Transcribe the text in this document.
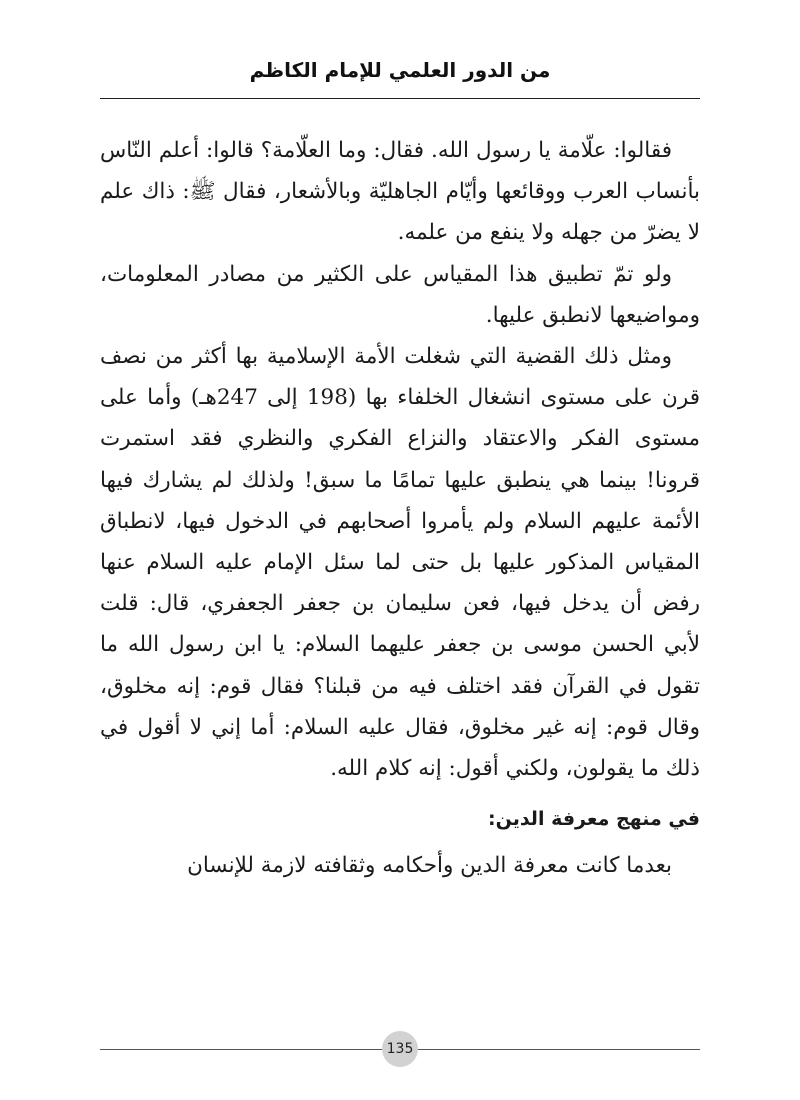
من الدور العلمي للإمام الكاظم

فقالوا: علّامة يا رسول الله. فقال: وما العلّامة؟ قالوا: أعلم النّاس بأنساب العرب ووقائعها وأيّام الجاهليّة وبالأشعار، فقال ﷺ: ذاك علم لا يضرّ من جهله ولا ينفع من علمه.

ولو تمّ تطبيق هذا المقياس على الكثير من مصادر المعلومات، ومواضيعها لانطبق عليها.

ومثل ذلك القضية التي شغلت الأمة الإسلامية بها أكثر من نصف قرن على مستوى انشغال الخلفاء بها (198 إلى 247هـ) وأما على مستوى الفكر والاعتقاد والنزاع الفكري والنظري فقد استمرت قرونا! بينما هي ينطبق عليها تمامًا ما سبق! ولذلك لم يشارك فيها الأئمة عليهم السلام ولم يأمروا أصحابهم في الدخول فيها، لانطباق المقياس المذكور عليها بل حتى لما سئل الإمام عليه السلام عنها رفض أن يدخل فيها، فعن سليمان بن جعفر الجعفري، قال: قلت لأبي الحسن موسى بن جعفر عليهما السلام: يا ابن رسول الله ما تقول في القرآن فقد اختلف فيه من قبلنا؟ فقال قوم: إنه مخلوق، وقال قوم: إنه غير مخلوق، فقال عليه السلام: أما إني لا أقول في ذلك ما يقولون، ولكني أقول: إنه كلام الله.

في منهج معرفة الدين:

بعدما كانت معرفة الدين وأحكامه وثقافته لازمة للإنسان

135
